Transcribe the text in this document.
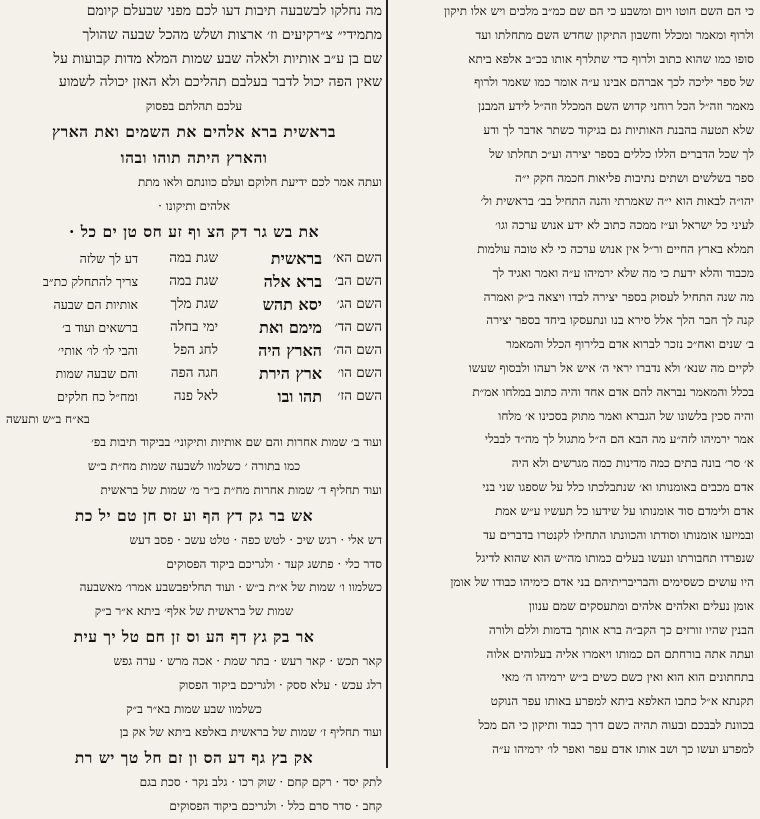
מה נחלקו לבשבעה תיבות דעו לכם מפני שבעלם קיומם
מתמידי״ צ״רקיעים וז׳ ארצות ושלש מהכל שבעה שהולך
שם בן ע״ב אותיות ולאלה שבע שמות המלא מדות קבועות על
שאין הפה יכול לדבר בעלבם תהליכם ולא האזן יכולה לשמוע
עלכם תהלתם בפסוק
בראשית ברא אלהים את השמים ואת הארץ
והארץ היתה תוהו ובהו
ועתה אמר לכם ידיעת חלוקם ועלם כוונתם ולאו מתת
אלהים ותיקונו ·
את בש גר דק הצ וף זע חס טן ים כל ·
השם הא׳
בראשית
שגת במה
דע לך שלזה
השם הב׳
ברא אלה
שגת במה
צריך להתחלק כת״ב
השם הג׳
יסא תהש
שגת מלך
אותיות הם שבעה
השם הד׳
מימם ואת
ימי בחלה
ברשאים ועוד ב׳
השם הה׳
הארץ היה
לחג הפל
והבי לו׳ לו׳ אותי׳
השם הו׳
ארץ הירת
חגה הפה
והם שבעה שמות
השם הז׳
תהו ובו
לאל פנה
ומח״ל כח חלקים
בא״ח ב״ש ותעשה
ועוד ב׳ שמות אחרות והם שם אותיות ותיקוני׳ בביקוד תיבות בפ׳
כמו בתורה ׳ כשלמוו לשבעה שמות מח״ת ב״ש
ועוד תחליף ד׳ שמות אחרות מח״ת ב״ר מ׳ שמות של בראשית
אש בר גק דץ הף וע זס חן טם יל כת
דש אלי · רגש שיכ · לטש כפה · טלט עשב · פסב דעש
סדר כלי · פתשג קעד · ולגריכם ביקוד הפסוקים
כשלמוו ו׳ שמות של א״ת ב״ש · ועוד תחליפבשבע אמרו׳ מאשבעה
שמות של בראשית של אלף׳ ביתא א״ר ב״ק
אר בק גץ דף הע וס זן חם טל יך עית
קאר תכש · קאר רעש · בתר שמת · אכה מרש · ערה גפש
רלג עכש · עלא ססק · ולגריכם ביקוד הפסוק
כשלמוו שבע שמות בא״ר ב״ק
ועוד תחליף ז׳ שמות של בראשית באלפא ביתא של אק בן
אק בץ גף דע הס ון זם חל טך יש רת
לתק יסד · רקם קחם · שוק רכו · גלב נקר · סכת בגם
קחב · סדר סרם כלל · ולגריכם ביקוד הפסוקים
כי הם השם חוטו ויום ומשבע כי הם שם כמ״ב מלכים ויש אלו תיקון
ולרוף ומאמר ומכלל וחשבון התיקון שחדש השם מתחלתו ועד
סופו כמו שהוא כתוב ולרוף כדי שתלרף אותו בכ״ב אלפא ביתא
של ספר יליכה לכך אברהם אבינו ע״ה אומר כמו שאמר ולרוף
מאמר וזה״ל הכל רוחני קדוש השם המכלל וזה״ל לידע המבנן
שלא תטעה בהבנת האותיות גם בגיקוד כשתר אדבר לך ודע
לך שכל הדברים הללו כללים בספר יצירה וע״כ תחלתו של
ספר בשלשים ושתים נתיבות פליאות חכמה חקק י״ה
יהו״ה לבאות הוא י״ה שאמרתי והנה התחיל בב׳ בראשית ול׳
לעיני כל ישראל וע״ז ממכה כתוב לא ידע אנוש ערכה וגו׳
תמלא בארץ החיים ור״ל אין אנוש ערכה כי לא טובה עולמות
מכבוד והלא ידעת כי מה שלא ירמיהו ע״ה ואמר ואגיד לך
מה שנה התחיל לעסוק בספר יצירה לבדו ויצאה ב״ק ואמרה
קנה לך חבר הלך אלל סירא בנו ונתעסקו ביחד בספר יצירה
ב׳ שנים ואח״כ נזכר לברוא אדם בלירוף הכלל והמאמר
לקיים מה שנא׳ ולא נדברו יראי ה׳ איש אל רעהו ולבסוף שעשו
בכלל והמאמר נבראה להם אדם אחד והיה כתוב במלחו אמ״ת
והיה סכין בלשונו של הגברא ואמר מתוק בסכינו א׳ מלחו
אמר ירמיהו לזה״ע מה הבא הם ה״ל מתגול לך מה״ד לבבלי
א׳ סר׳ בונה בתים כמה מדינות כמה מגרשים ולא היה
אדם מכבים באומנותו וא׳ שנתבלכתו כלל על שספגו שני בני
אדם ולימדם סוד אומנותו על שידעו כל תעשיו ע״ש אמת
ובמיזעו אומנותו וסודתו והכוונתו התחילו לקנטרו בדברים עד
שנפרדו תחבורתו ונעשו בעלים כמותו מה״ש הוא שהוא לדיגל
היו עושים כשסימים והבריבריתיהם בני אדם כימיהו כבודו של אומן
אומן נעלים ואלהים אלהים ומתעסקים שמם ענוון
הבנין שהיו זורזים כך הקב״ה ברא אותך בדמות וללם ולורה
ועתה אתה בורחתם הם כמותו ויאמרו אליה בעלוהים אלוה
בתחתונים הוא הוא ואין כשם כשים ב״ש ירמיהו ה׳ מאי
תקנתא א״ל כתבו האלפא ביתא למפרע באותו עפר הנוקט
בכוונת לבבכם ובעוה תהיה כשם דרך כבוד ותיקון כי הם מכל
למפרע ועשו כך ושב אותו אדם עפר ואפר לו׳ ירמיהו ע״ה
